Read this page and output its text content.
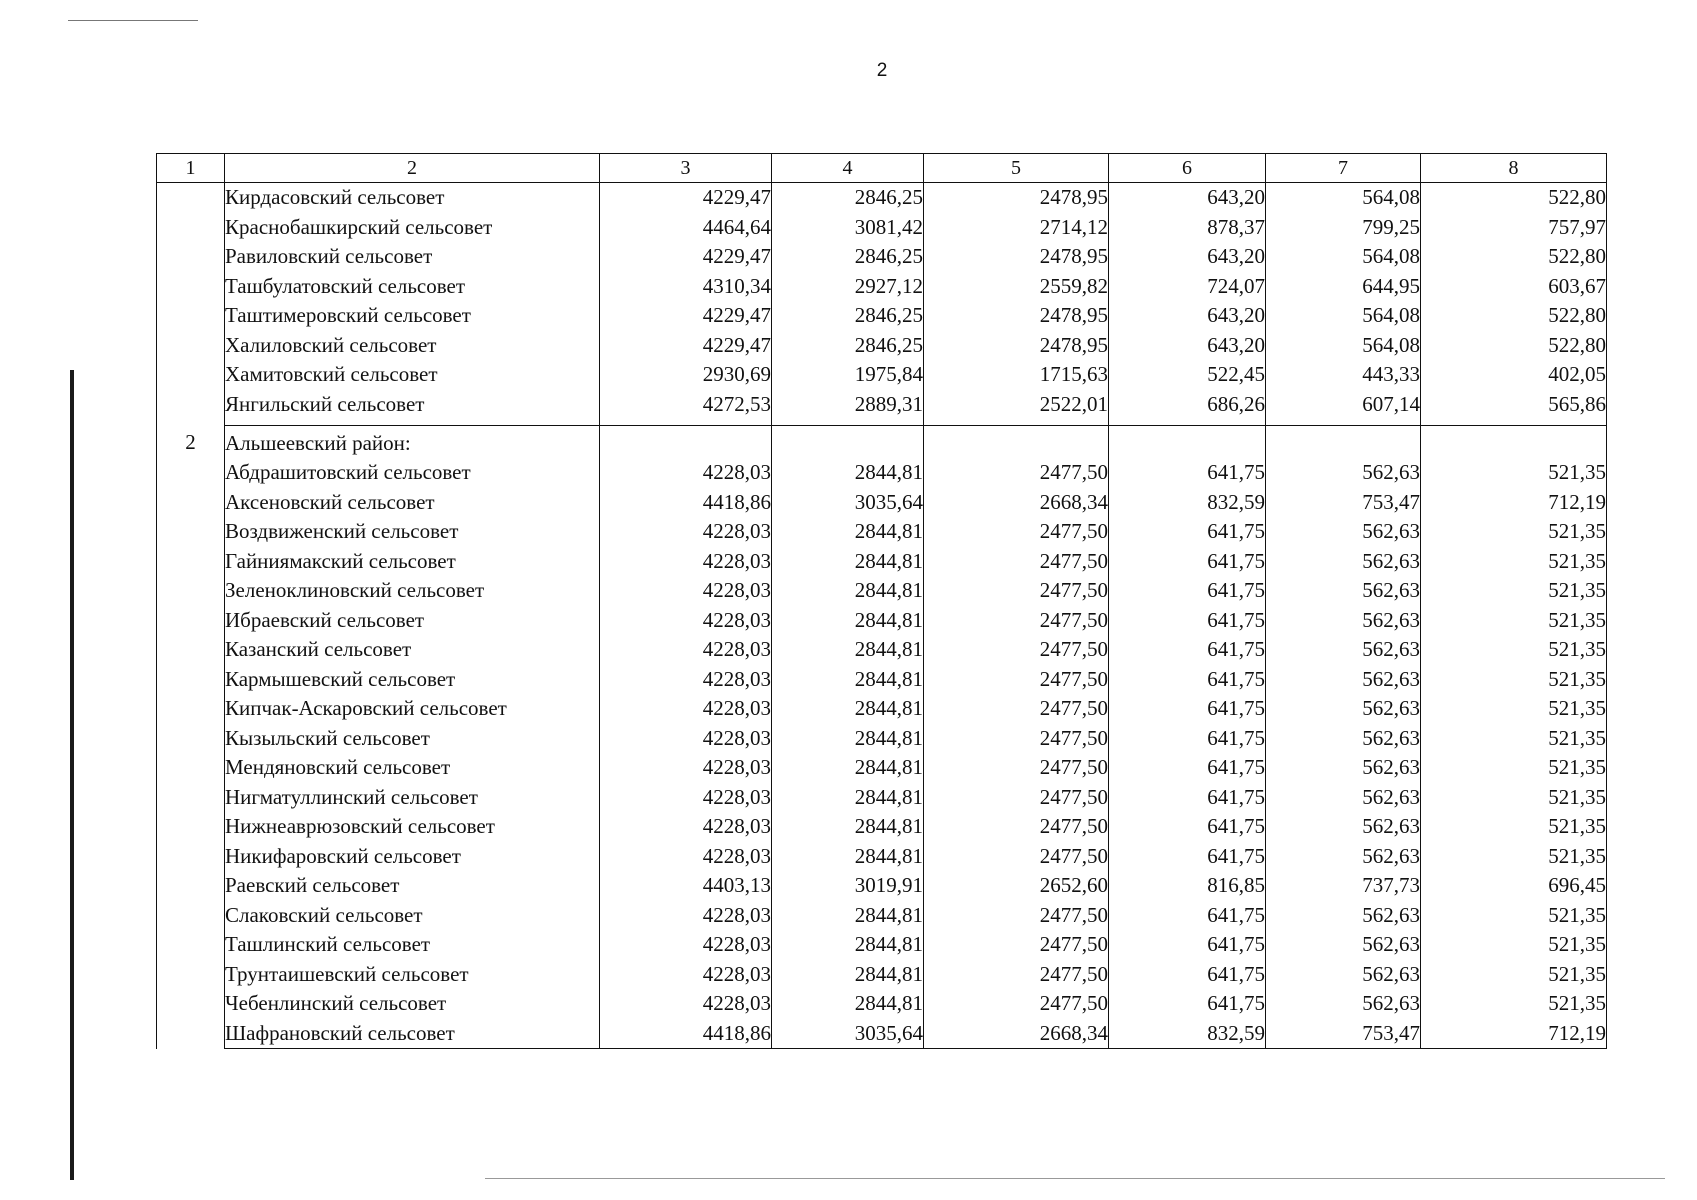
2
1	2	3	4	5	6	7	8
	Кирдасовский сельсовет	4229,47	2846,25	2478,95	643,20	564,08	522,80
	Краснобашкирский сельсовет	4464,64	3081,42	2714,12	878,37	799,25	757,97
	Равиловский сельсовет	4229,47	2846,25	2478,95	643,20	564,08	522,80
	Ташбулатовский сельсовет	4310,34	2927,12	2559,82	724,07	644,95	603,67
	Таштимеровский сельсовет	4229,47	2846,25	2478,95	643,20	564,08	522,80
	Халиловский сельсовет	4229,47	2846,25	2478,95	643,20	564,08	522,80
	Хамитовский сельсовет	2930,69	1975,84	1715,63	522,45	443,33	402,05
	Янгильский сельсовет	4272,53	2889,31	2522,01	686,26	607,14	565,86
2	Альшеевский район:						
	Абдрашитовский сельсовет	4228,03	2844,81	2477,50	641,75	562,63	521,35
	Аксеновский сельсовет	4418,86	3035,64	2668,34	832,59	753,47	712,19
	Воздвиженский сельсовет	4228,03	2844,81	2477,50	641,75	562,63	521,35
	Гайниямакский сельсовет	4228,03	2844,81	2477,50	641,75	562,63	521,35
	Зеленоклиновский сельсовет	4228,03	2844,81	2477,50	641,75	562,63	521,35
	Ибраевский сельсовет	4228,03	2844,81	2477,50	641,75	562,63	521,35
	Казанский сельсовет	4228,03	2844,81	2477,50	641,75	562,63	521,35
	Кармышевский сельсовет	4228,03	2844,81	2477,50	641,75	562,63	521,35
	Кипчак-Аскаровский сельсовет	4228,03	2844,81	2477,50	641,75	562,63	521,35
	Кызыльский сельсовет	4228,03	2844,81	2477,50	641,75	562,63	521,35
	Мендяновский сельсовет	4228,03	2844,81	2477,50	641,75	562,63	521,35
	Нигматуллинский сельсовет	4228,03	2844,81	2477,50	641,75	562,63	521,35
	Нижнеаврюзовский сельсовет	4228,03	2844,81	2477,50	641,75	562,63	521,35
	Никифаровский сельсовет	4228,03	2844,81	2477,50	641,75	562,63	521,35
	Раевский сельсовет	4403,13	3019,91	2652,60	816,85	737,73	696,45
	Слаковский сельсовет	4228,03	2844,81	2477,50	641,75	562,63	521,35
	Ташлинский сельсовет	4228,03	2844,81	2477,50	641,75	562,63	521,35
	Трунтаишевский сельсовет	4228,03	2844,81	2477,50	641,75	562,63	521,35
	Чебенлинский сельсовет	4228,03	2844,81	2477,50	641,75	562,63	521,35
	Шафрановский сельсовет	4418,86	3035,64	2668,34	832,59	753,47	712,19
